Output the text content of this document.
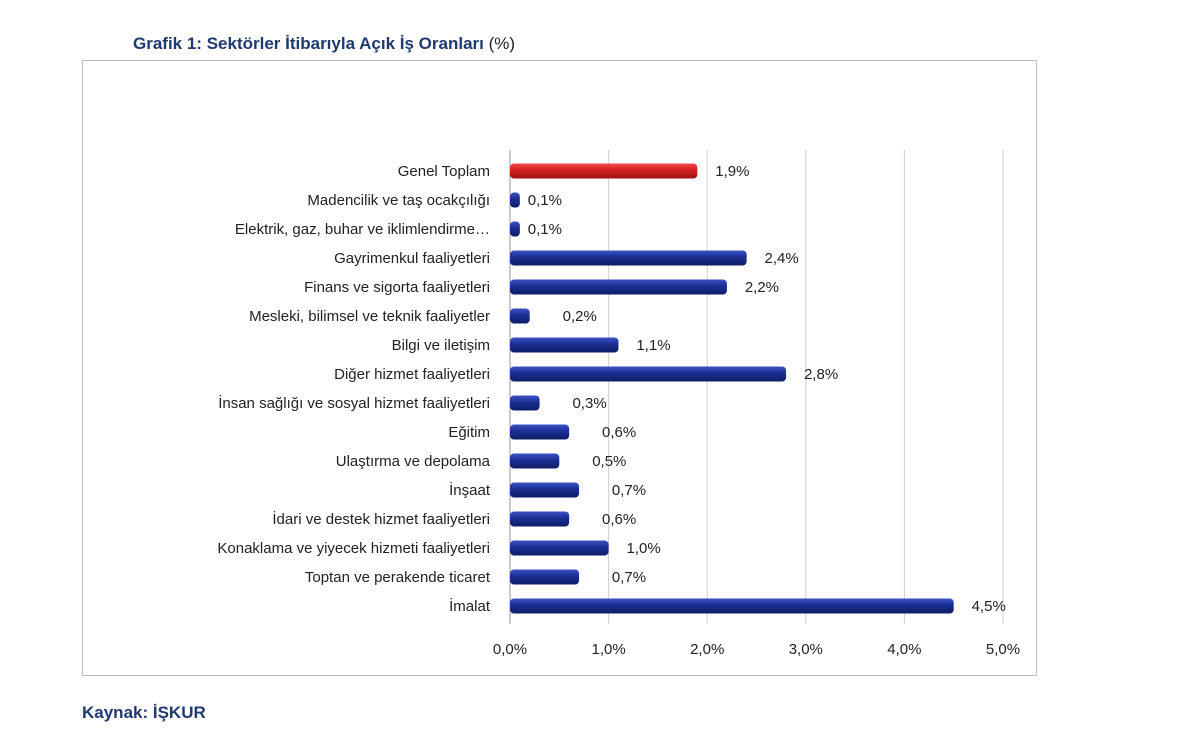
Grafik 1: Sektörler İtibarıyla Açık İş Oranları (%)
0,0%	1,0%	2,0%	3,0%	4,0%	5,0%
Genel Toplam	1,9%
Madencilik ve taş ocakçılığı	0,1%
Elektrik, gaz, buhar ve iklimlendirme…	0,1%
Gayrimenkul faaliyetleri	2,4%
Finans ve sigorta faaliyetleri	2,2%
Mesleki, bilimsel ve teknik faaliyetler	0,2%
Bilgi ve iletişim	1,1%
Diğer hizmet faaliyetleri	2,8%
İnsan sağlığı ve sosyal hizmet faaliyetleri	0,3%
Eğitim	0,6%
Ulaştırma ve depolama	0,5%
İnşaat	0,7%
İdari ve destek hizmet faaliyetleri	0,6%
Konaklama ve yiyecek hizmeti faaliyetleri	1,0%
Toptan ve perakende ticaret	0,7%
İmalat	4,5%
Kaynak: İŞKUR
